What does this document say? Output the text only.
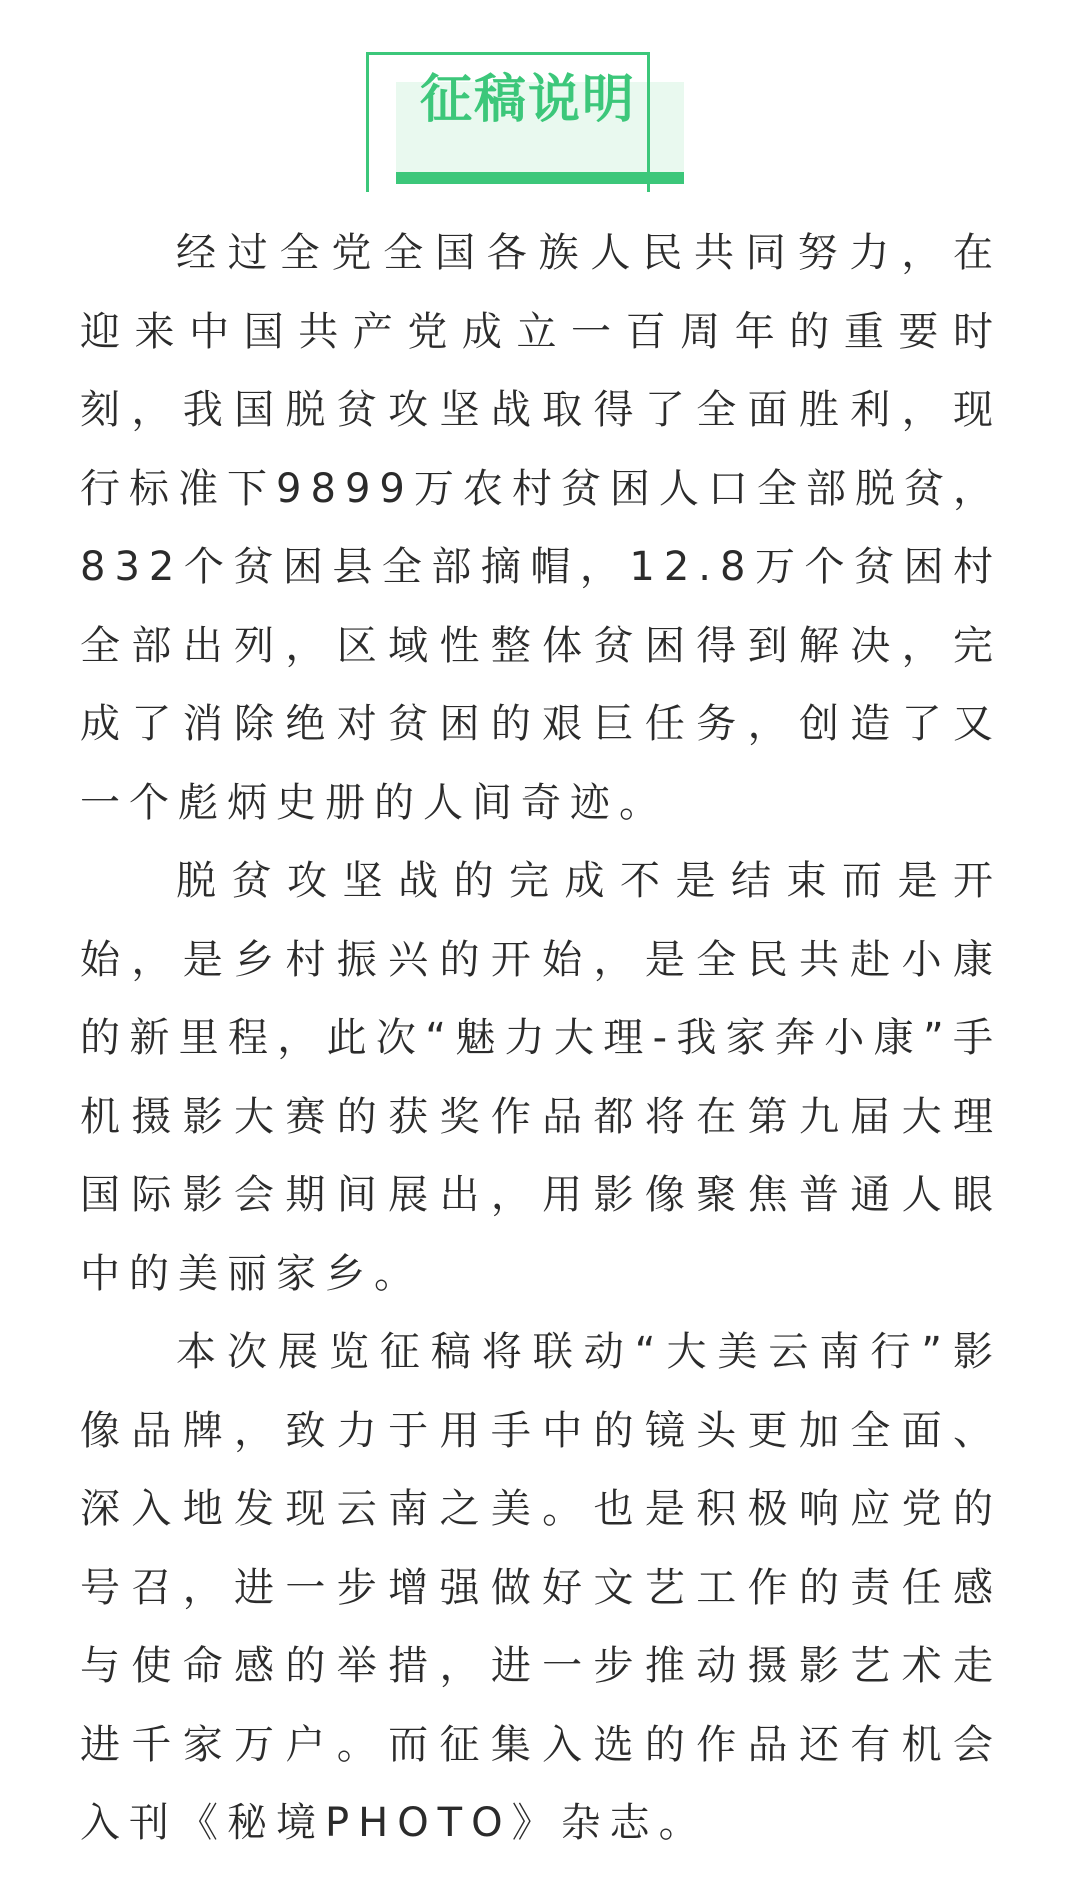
征稿说明

经过全党全国各族人民共同努力，在迎来中国共产党成立一百周年的重要时刻，我国脱贫攻坚战取得了全面胜利，现行标准下9899万农村贫困人口全部脱贫，832个贫困县全部摘帽，12.8万个贫困村全部出列，区域性整体贫困得到解决，完成了消除绝对贫困的艰巨任务，创造了又一个彪炳史册的人间奇迹。

脱贫攻坚战的完成不是结束而是开始，是乡村振兴的开始，是全民共赴小康的新里程，此次“魅力大理-我家奔小康”手机摄影大赛的获奖作品都将在第九届大理国际影会期间展出，用影像聚焦普通人眼中的美丽家乡。

本次展览征稿将联动“大美云南行”影像品牌，致力于用手中的镜头更加全面、深入地发现云南之美。也是积极响应党的号召，进一步增强做好文艺工作的责任感与使命感的举措，进一步推动摄影艺术走进千家万户。而征集入选的作品还有机会入刊《秘境PHOTO》杂志。
